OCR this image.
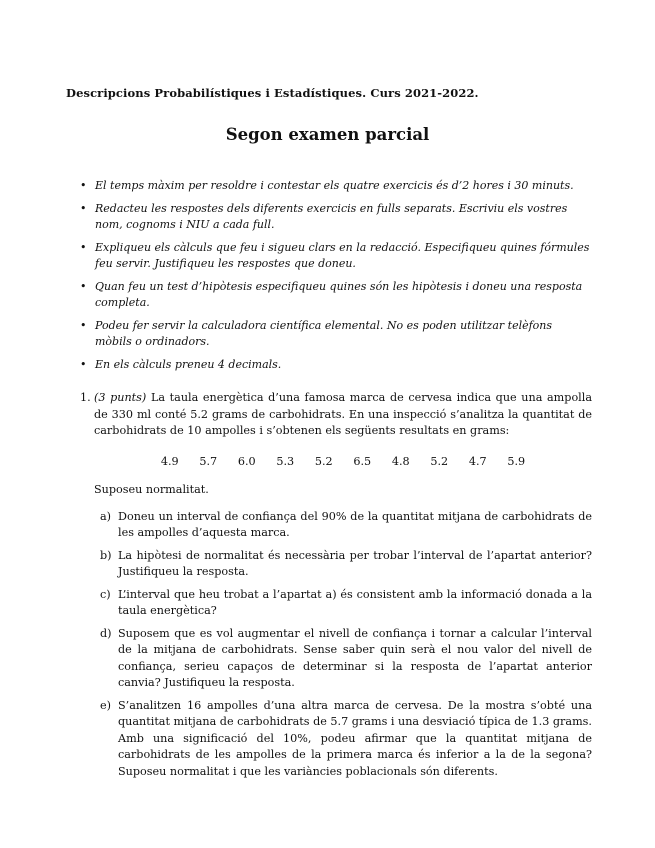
Descripcions Probabilístiques i Estadístiques. Curs 2021-2022.
Segon examen parcial
• El temps màxim per resoldre i contestar els quatre exercicis és d’2 hores i 30 minuts.
• Redacteu les respostes dels diferents exercicis en fulls separats. Escriviu els vostres nom, cognoms i NIU a cada full.
• Expliqueu els càlculs que feu i sigueu clars en la redacció. Especifiqueu quines fórmules feu servir. Justifiqueu les respostes que doneu.
• Quan feu un test d’hipòtesis especifiqueu quines són les hipòtesis i doneu una resposta completa.
• Podeu fer servir la calculadora científica elemental. No es poden utilitzar telèfons mòbils o ordinadors.
• En els càlculs preneu 4 decimals.
1. (3 punts) La taula energètica d’una famosa marca de cervesa indica que una ampolla de 330 ml conté 5.2 grams de carbohidrats. En una inspecció s’analitza la quantitat de carbohidrats de 10 ampolles i s’obtenen els següents resultats en grams:
4.9	5.7	6.0	5.3	5.2	6.5	4.8	5.2	4.7	5.9
Suposeu normalitat.
a) Doneu un interval de confiança del 90% de la quantitat mitjana de carbohidrats de les ampolles d’aquesta marca.
b) La hipòtesi de normalitat és necessària per trobar l’interval de l’apartat anterior? Justifiqueu la resposta.
c) L’interval que heu trobat a l’apartat a) és consistent amb la informació donada a la taula energètica?
d) Suposem que es vol augmentar el nivell de confiança i tornar a calcular l’interval de la mitjana de carbohidrats. Sense saber quin serà el nou valor del nivell de confiança, serieu capaços de determinar si la resposta de l’apartat anterior canvia? Justifiqueu la resposta.
e) S’analitzen 16 ampolles d’una altra marca de cervesa. De la mostra s’obté una quantitat mitjana de carbohidrats de 5.7 grams i una desviació típica de 1.3 grams. Amb una significació del 10%, podeu afirmar que la quantitat mitjana de carbohidrats de les ampolles de la primera marca és inferior a la de la segona? Suposeu normalitat i que les variàncies poblacionals són diferents.
